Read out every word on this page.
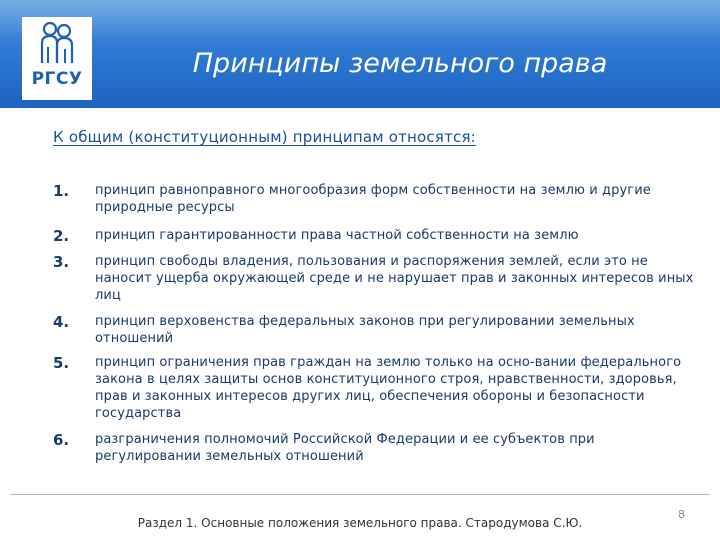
РГСУ	Принципы земельного права
К общим (конституционным) принципам относятся:
1. принцип равноправного многообразия форм собственности на землю и другие природные ресурсы
2. принцип гарантированности права частной собственности на землю
3. принцип свободы владения, пользования и распоряжения землей, если это не наносит ущерба окружающей среде и не нарушает прав и законных интересов иных лиц
4. принцип верховенства федеральных законов при регулировании земельных отношений
5. принцип ограничения прав граждан на землю только на осно-вании федерального закона в целях защиты основ конституционного строя, нравственности, здоровья, прав и законных интересов других лиц, обеспечения обороны и безопасности государства
6. разграничения полномочий Российской Федерации и ее субъектов при регулировании земельных отношений
Раздел 1. Основные положения земельного права. Стародумова С.Ю.
8
